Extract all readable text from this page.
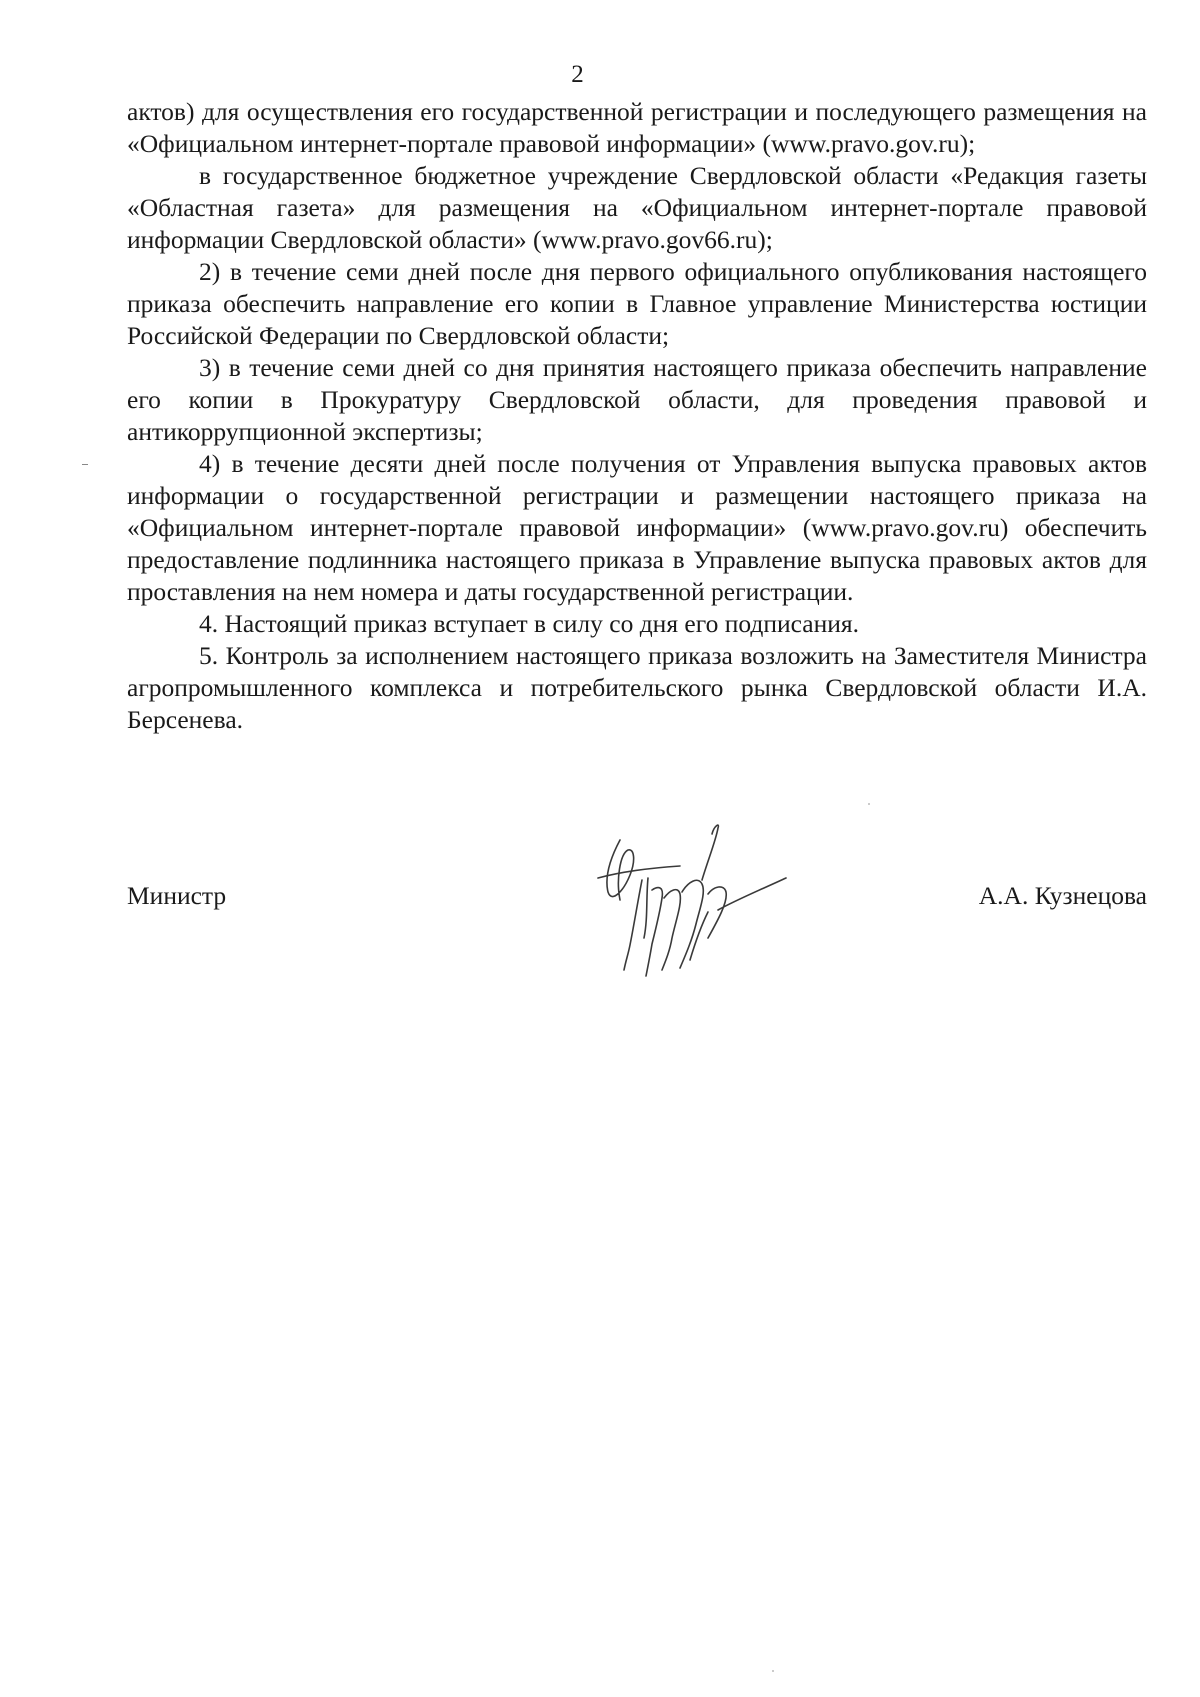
2

актов) для осуществления его государственной регистрации и последующего размещения на «Официальном интернет-портале правовой информации» (www.pravo.gov.ru);

в государственное бюджетное учреждение Свердловской области «Редакция газеты «Областная газета» для размещения на «Официальном интернет-портале правовой информации Свердловской области» (www.pravo.gov66.ru);

2) в течение семи дней после дня первого официального опубликования настоящего приказа обеспечить направление его копии в Главное управление Министерства юстиции Российской Федерации по Свердловской области;

3) в течение семи дней со дня принятия настоящего приказа обеспечить направление его копии в Прокуратуру Свердловской области, для проведения правовой и антикоррупционной экспертизы;

4) в течение десяти дней после получения от Управления выпуска правовых актов информации о государственной регистрации и размещении настоящего приказа на «Официальном интернет-портале правовой информации» (www.pravo.gov.ru) обеспечить предоставление подлинника настоящего приказа в Управление выпуска правовых актов для проставления на нем номера и даты государственной регистрации.

4. Настоящий приказ вступает в силу со дня его подписания.

5. Контроль за исполнением настоящего приказа возложить на Заместителя Министра агропромышленного комплекса и потребительского рынка Свердловской области И.А. Берсенева.

Министр	А.А. Кузнецова
